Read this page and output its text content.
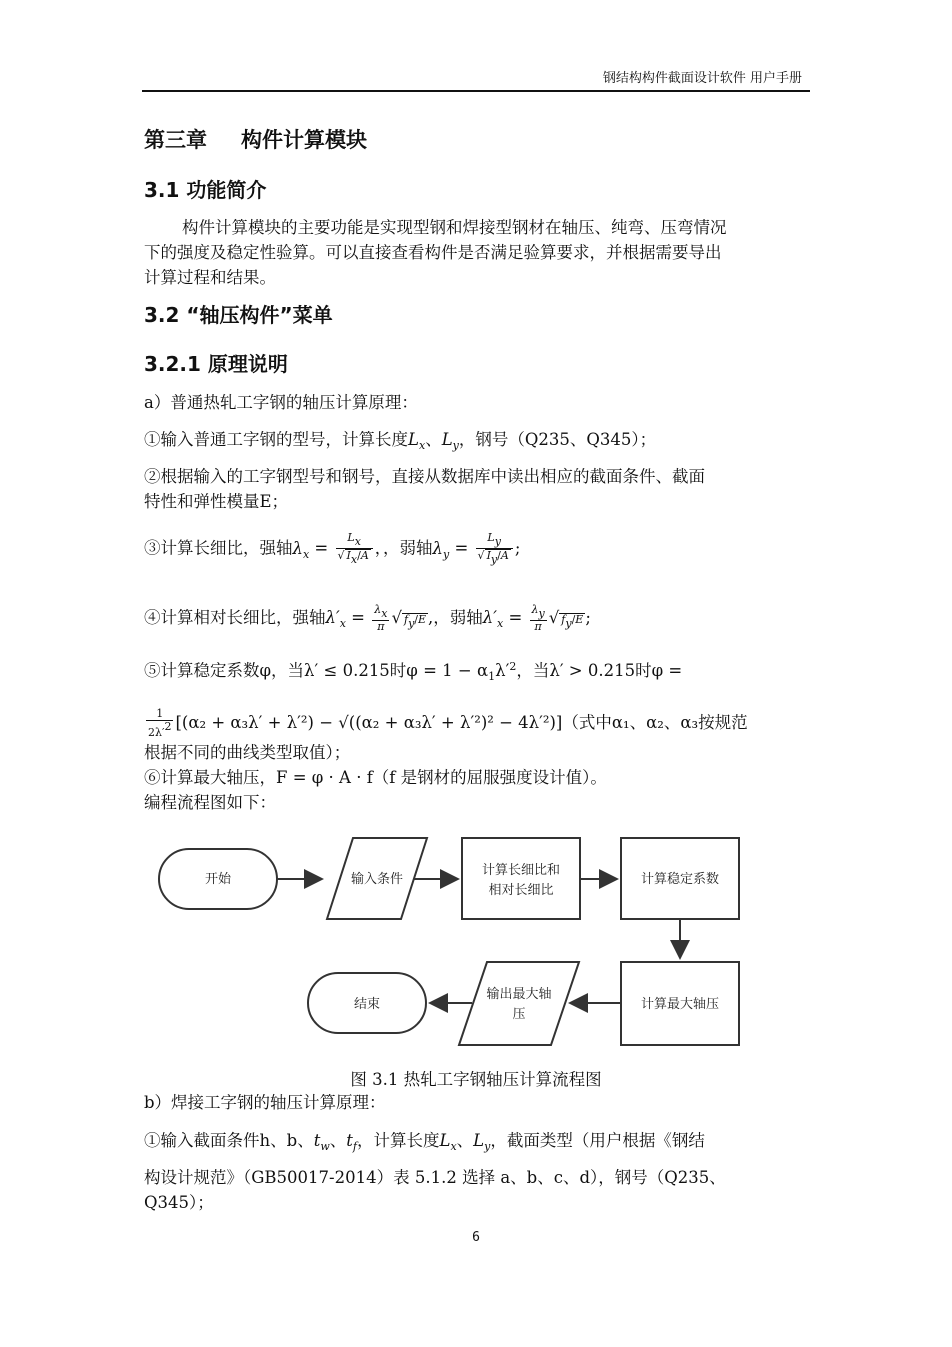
钢结构构件截面设计软件 用户手册
第三章 构件计算模块
3.1 功能简介
构件计算模块的主要功能是实现型钢和焊接型钢材在轴压、纯弯、压弯情况
下的强度及稳定性验算。可以直接查看构件是否满足验算要求，并根据需要导出
计算过程和结果。
3.2 “轴压构件”菜单
3.2.1 原理说明
a）普通热轧工字钢的轴压计算原理：
①输入普通工字钢的型号，计算长度$L_x$、$L_y$，钢号（Q235、Q345）；
②根据输入的工字钢型号和钢号，直接从数据库中读出相应的截面条件、截面
特性和弹性模量E；
③计算长细比，强轴$\lambda_x = \frac{L_x}{√ I_x/A}$ ，，弱轴$\lambda_y = \frac{L_y}{√ I_y/A}$ ;
④计算相对长细比，强轴$\lambda'_x = \frac{\lambda_x}{\pi}$ √ $f_y/E$ ,，弱轴$\lambda'_x = \frac{\lambda_y}{\pi}$ √ $f_y/E$ ;
⑤计算稳定系数φ，当λ′ ≤ 0.215时$\varphi = 1 - \alpha_1\lambda'^2$，当λ′ > 0.215时φ =
$\frac{1}{2\lambda'^2} [(\alpha_2 + \alpha_3\lambda' + \lambda'^2) - √((\alpha_2 + \alpha_3\lambda' + \lambda'^2)^2 - 4\lambda'^2)]$（式中α₁、α₂、α₃按规范
根据不同的曲线类型取值）；
⑥计算最大轴压，F = φ · A · f（f 是钢材的屈服强度设计值）。
编程流程图如下：
开始	输入条件
计算长细比和
相对长细比
计算稳定系数
计算最大轴压
输出最大轴
压
结束
图 3.1 热轧工字钢轴压计算流程图
b）焊接工字钢的轴压计算原理：
①输入截面条件h、b、$t_w$、$t_f$，计算长度$L_x$、$L_y$，截面类型（用户根据《钢结
构设计规范》（GB50017-2014）表 5.1.2 选择 a、b、c、d），钢号（Q235、
Q345）；
6
